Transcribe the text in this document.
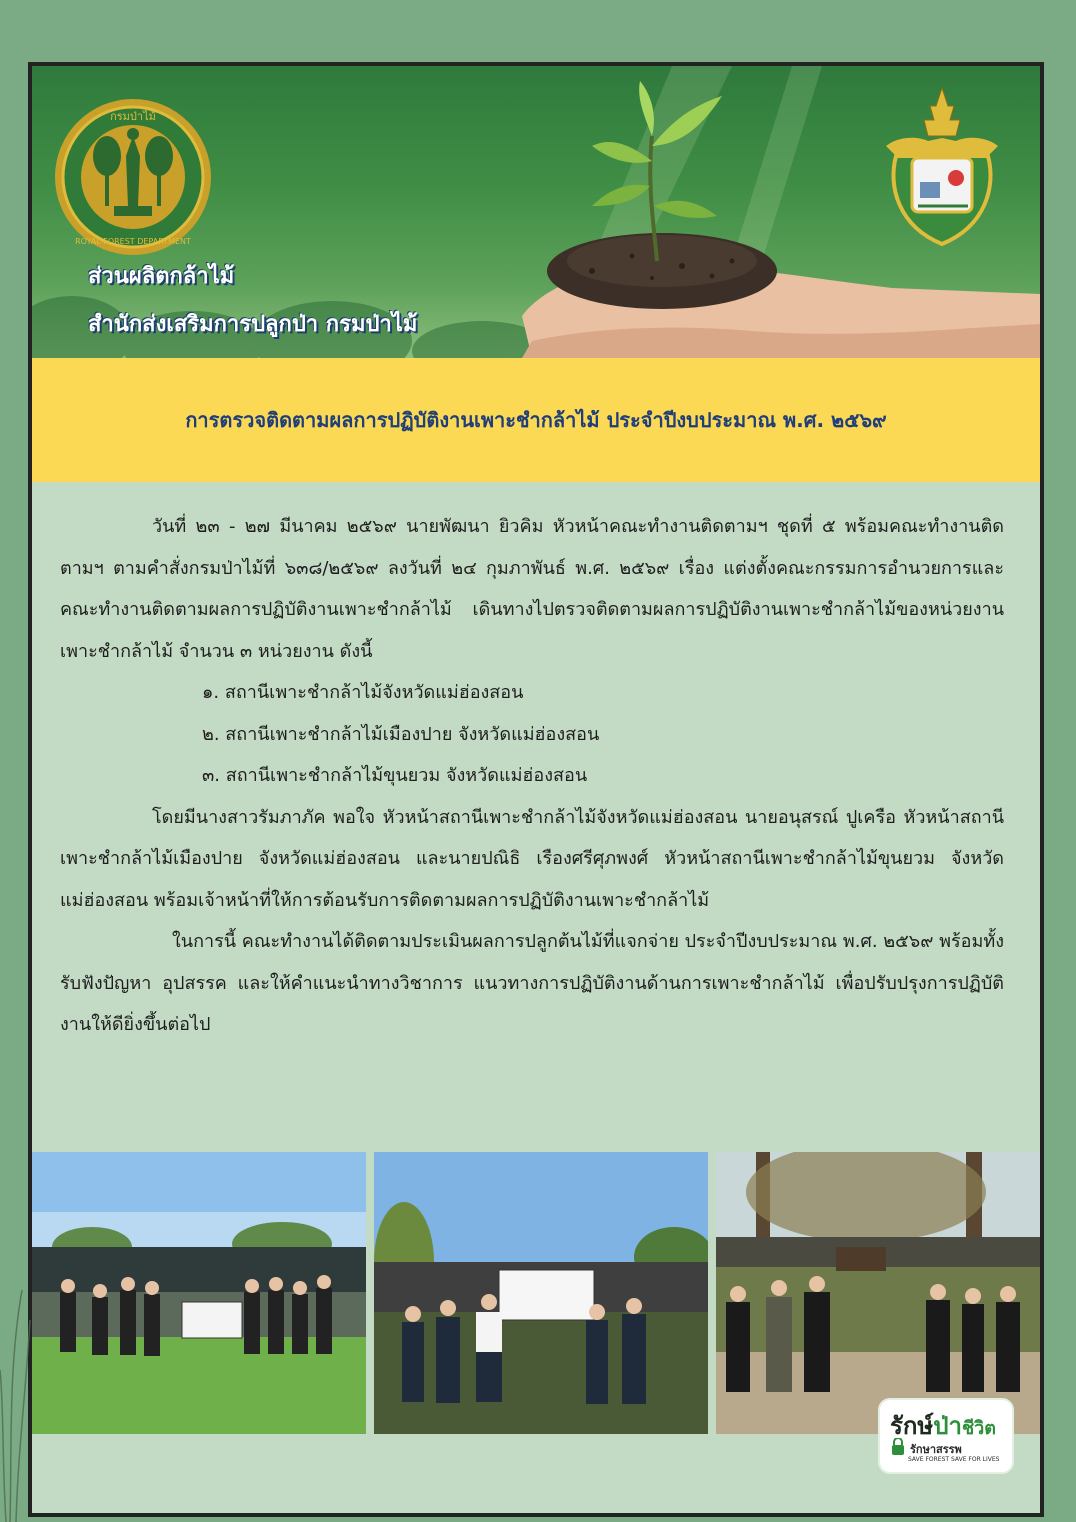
กรมป่าไม้
ROYAL FOREST DEPARTMENT
ส่วนผลิตกล้าไม้
สำนักส่งเสริมการปลูกป่า กรมป่าไม้
การตรวจติดตามผลการปฏิบัติงานเพาะชำกล้าไม้ ประจำปีงบประมาณ พ.ศ. ๒๕๖๙

วันที่ ๒๓ - ๒๗ มีนาคม ๒๕๖๙ นายพัฒนา ยิวคิม หัวหน้าคณะทำงานติดตามฯ ชุดที่ ๕ พร้อมคณะทำงานติดตามฯ ตามคำสั่งกรมป่าไม้ที่ ๖๓๘/๒๕๖๙ ลงวันที่ ๒๔ กุมภาพันธ์ พ.ศ. ๒๕๖๙ เรื่อง แต่งตั้งคณะกรรมการอำนวยการและคณะทำงานติดตามผลการปฏิบัติงานเพาะชำกล้าไม้ เดินทางไปตรวจติดตามผลการปฏิบัติงานเพาะชำกล้าไม้ของหน่วยงานเพาะชำกล้าไม้ จำนวน ๓ หน่วยงาน ดังนี้

๑. สถานีเพาะชำกล้าไม้จังหวัดแม่ฮ่องสอน

๒. สถานีเพาะชำกล้าไม้เมืองปาย จังหวัดแม่ฮ่องสอน

๓. สถานีเพาะชำกล้าไม้ขุนยวม จังหวัดแม่ฮ่องสอน

โดยมีนางสาวรัมภาภัค พอใจ หัวหน้าสถานีเพาะชำกล้าไม้จังหวัดแม่ฮ่องสอน นายอนุสรณ์ ปูเครือ หัวหน้าสถานีเพาะชำกล้าไม้เมืองปาย จังหวัดแม่ฮ่องสอน และนายปณิธิ เรืองศรีศุภพงศ์ หัวหน้าสถานีเพาะชำกล้าไม้ขุนยวม จังหวัดแม่ฮ่องสอน พร้อมเจ้าหน้าที่ให้การต้อนรับการติดตามผลการปฏิบัติงานเพาะชำกล้าไม้

ในการนี้ คณะทำงานได้ติดตามประเมินผลการปลูกต้นไม้ที่แจกจ่าย ประจำปีงบประมาณ พ.ศ. ๒๕๖๙ พร้อมทั้งรับฟังปัญหา อุปสรรค และให้คำแนะนำทางวิชาการ แนวทางการปฏิบัติงานด้านการเพาะชำกล้าไม้ เพื่อปรับปรุงการปฏิบัติงานให้ดียิ่งขึ้นต่อไป

รักษ์ป่าชีวิต
รักษาสรรพ
SAVE FOREST SAVE FOR LIVES
